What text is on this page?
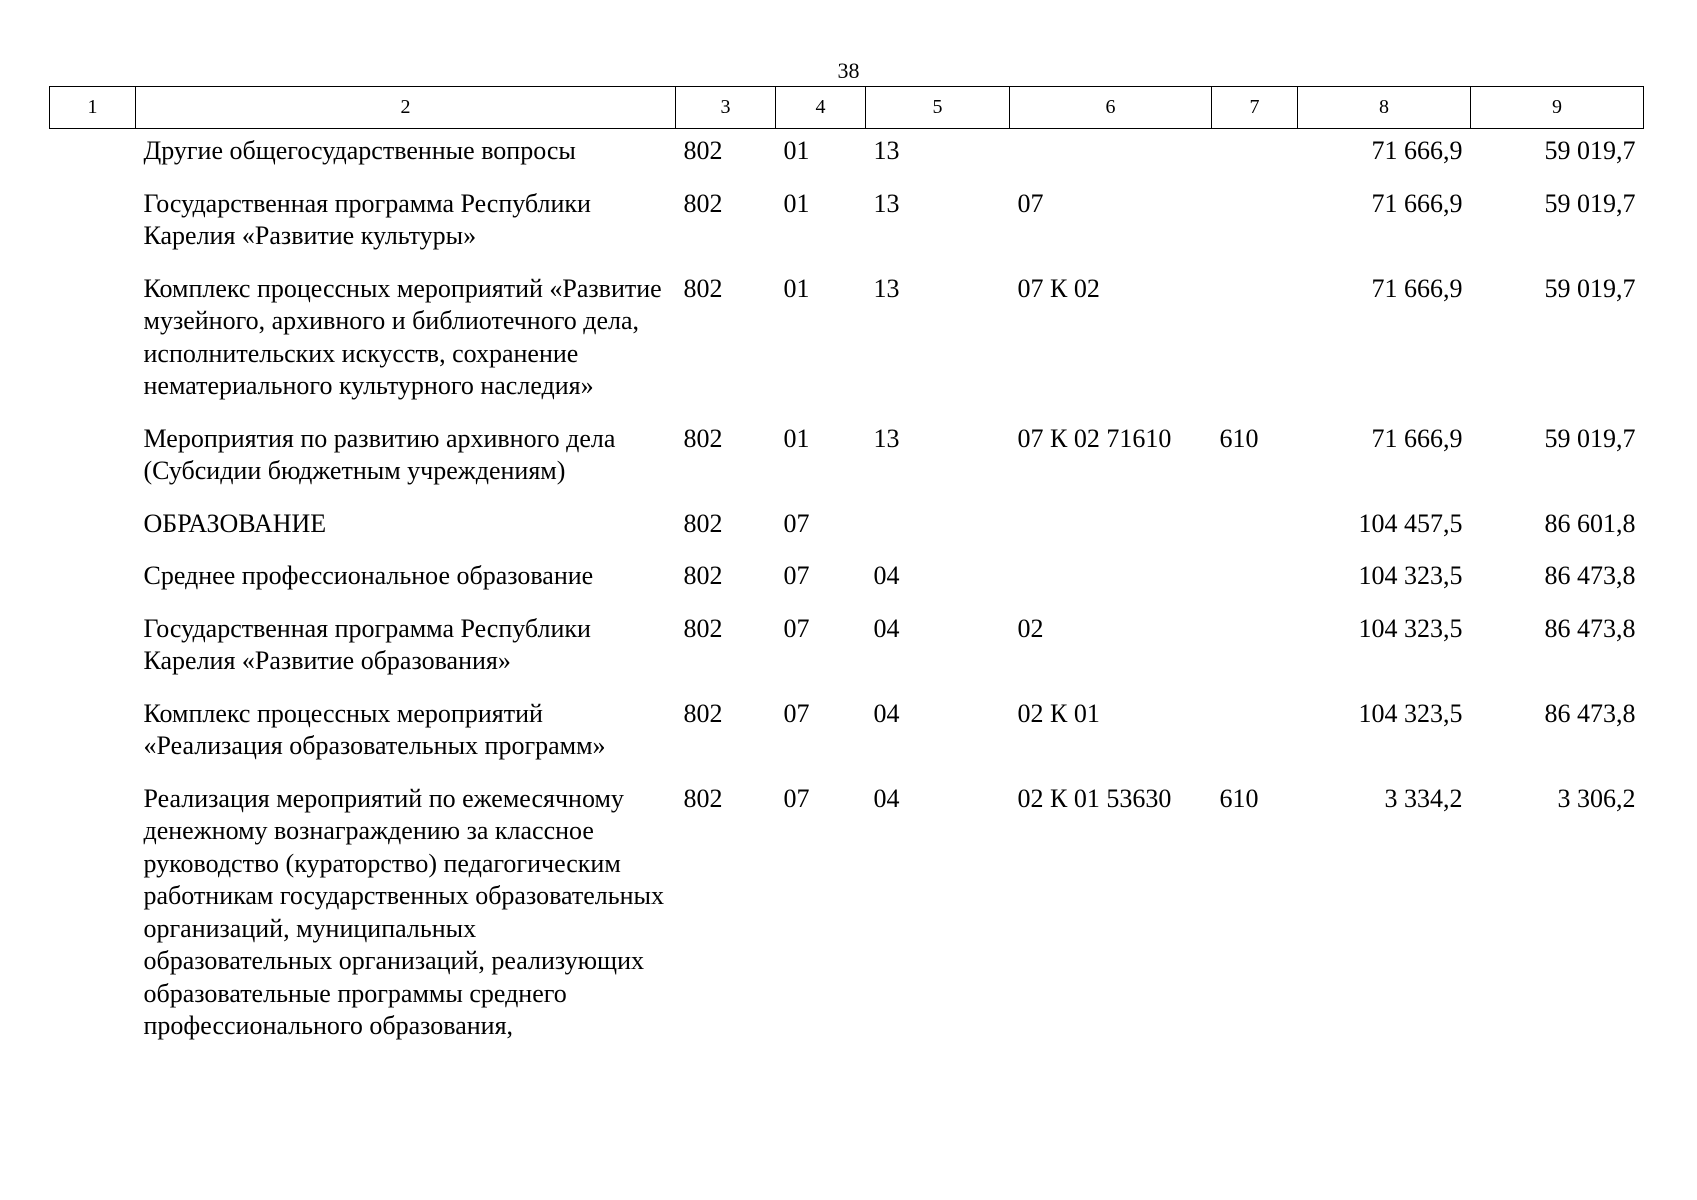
38
1	2	3	4	5	6	7	8	9
	Другие общегосударственные вопросы	802	01	13			71 666,9	59 019,7
	Государственная программа Республики Карелия «Развитие культуры»	802	01	13	07		71 666,9	59 019,7
	Комплекс процессных мероприятий «Развитие музейного, архивного и библиотечного дела, исполнительских искусств, сохранение нематериального культурного наследия»	802	01	13	07 К 02		71 666,9	59 019,7
	Мероприятия по развитию архивного дела (Субсидии бюджетным учреждениям)	802	01	13	07 К 02 71610	610	71 666,9	59 019,7
	ОБРАЗОВАНИЕ	802	07				104 457,5	86 601,8
	Среднее профессиональное образование	802	07	04			104 323,5	86 473,8
	Государственная программа Республики Карелия «Развитие образования»	802	07	04	02		104 323,5	86 473,8
	Комплекс процессных мероприятий «Реализация образовательных программ»	802	07	04	02 К 01		104 323,5	86 473,8
	Реализация мероприятий по ежемесячному денежному вознаграждению за классное руководство (кураторство) педагогическим работникам государственных образовательных организаций, муниципальных образовательных организаций, реализующих образовательные программы среднего профессионального образования,	802	07	04	02 К 01 53630	610	3 334,2	3 306,2
